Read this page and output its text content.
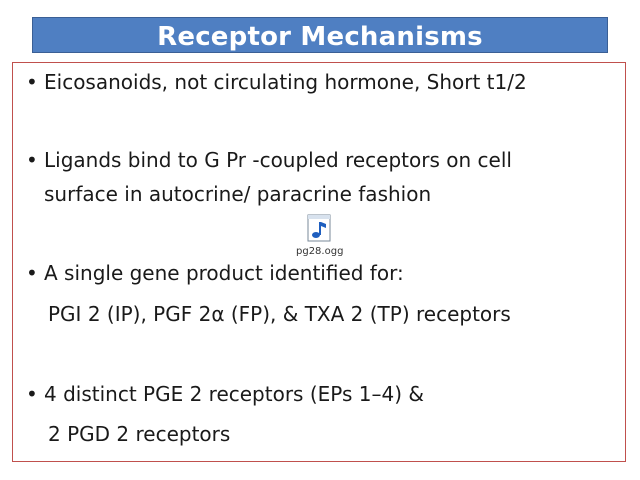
Receptor Mechanisms
• Eicosanoids, not circulating hormone, Short t1/2
• Ligands bind to G Pr -coupled receptors on cell
surface in autocrine/ paracrine fashion
pg28.ogg
• A single gene product identified for:
PGI 2 (IP), PGF 2α (FP), & TXA 2 (TP) receptors
• 4 distinct PGE 2 receptors (EPs 1–4) &
2 PGD 2 receptors
